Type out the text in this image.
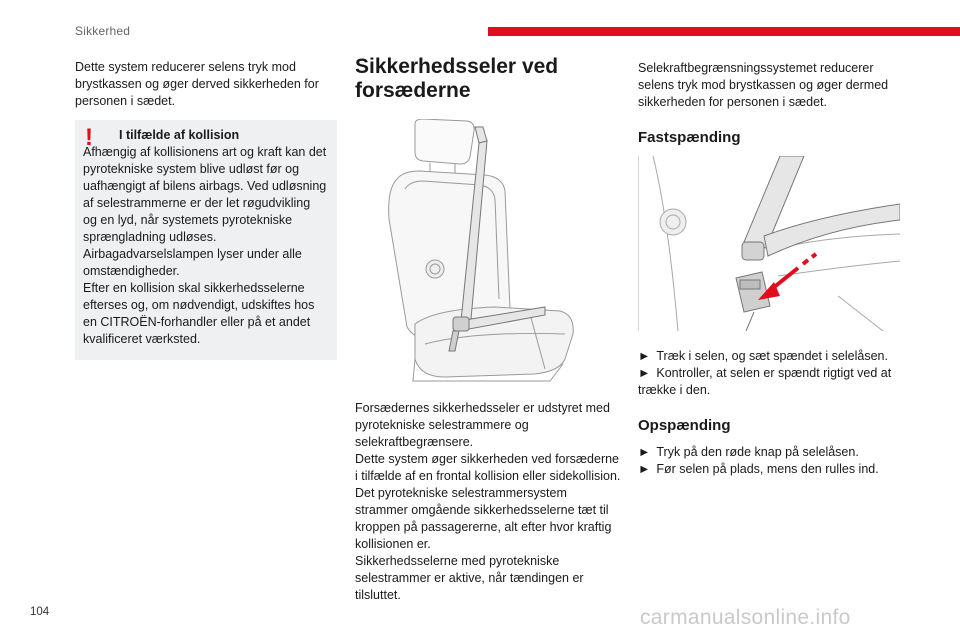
Sikkerhed

Dette system reducerer selens tryk mod brystkassen og øger derved sikkerheden for personen i sædet.

! I tilfælde af kollision

Afhængig af kollisionens art og kraft kan det pyrotekniske system blive udløst før og uafhængigt af bilens airbags. Ved udløsning af selestrammerne er der let røgudvikling og en lyd, når systemets pyrotekniske sprængladning udløses.

Airbagadvarselslampen lyser under alle omstændigheder.
Efter en kollision skal sikkerhedsselerne efterses og, om nødvendigt, udskiftes hos en CITROËN-forhandler eller på et andet kvalificeret værksted.

Sikkerhedsseler ved forsæderne

Forsædernes sikkerhedsseler er udstyret med pyrotekniske selestrammere og selekraftbegrænsere.
Dette system øger sikkerheden ved forsæderne i tilfælde af en frontal kollision eller sidekollision.
Det pyrotekniske selestrammersystem strammer omgående sikkerhedsselerne tæt til kroppen på passagererne, alt efter hvor kraftig kollisionen er.
Sikkerhedsselerne med pyrotekniske selestrammer er aktive, når tændingen er tilsluttet.

Selekraftbegrænsningssystemet reducerer selens tryk mod brystkassen og øger dermed sikkerheden for personen i sædet.

Fastspænding

► Træk i selen, og sæt spændet i selelåsen.

► Kontroller, at selen er spændt rigtigt ved at trække i den.

Opspænding

► Tryk på den røde knap på selelåsen.

► Før selen på plads, mens den rulles ind.

104	carmanualsonline.info
